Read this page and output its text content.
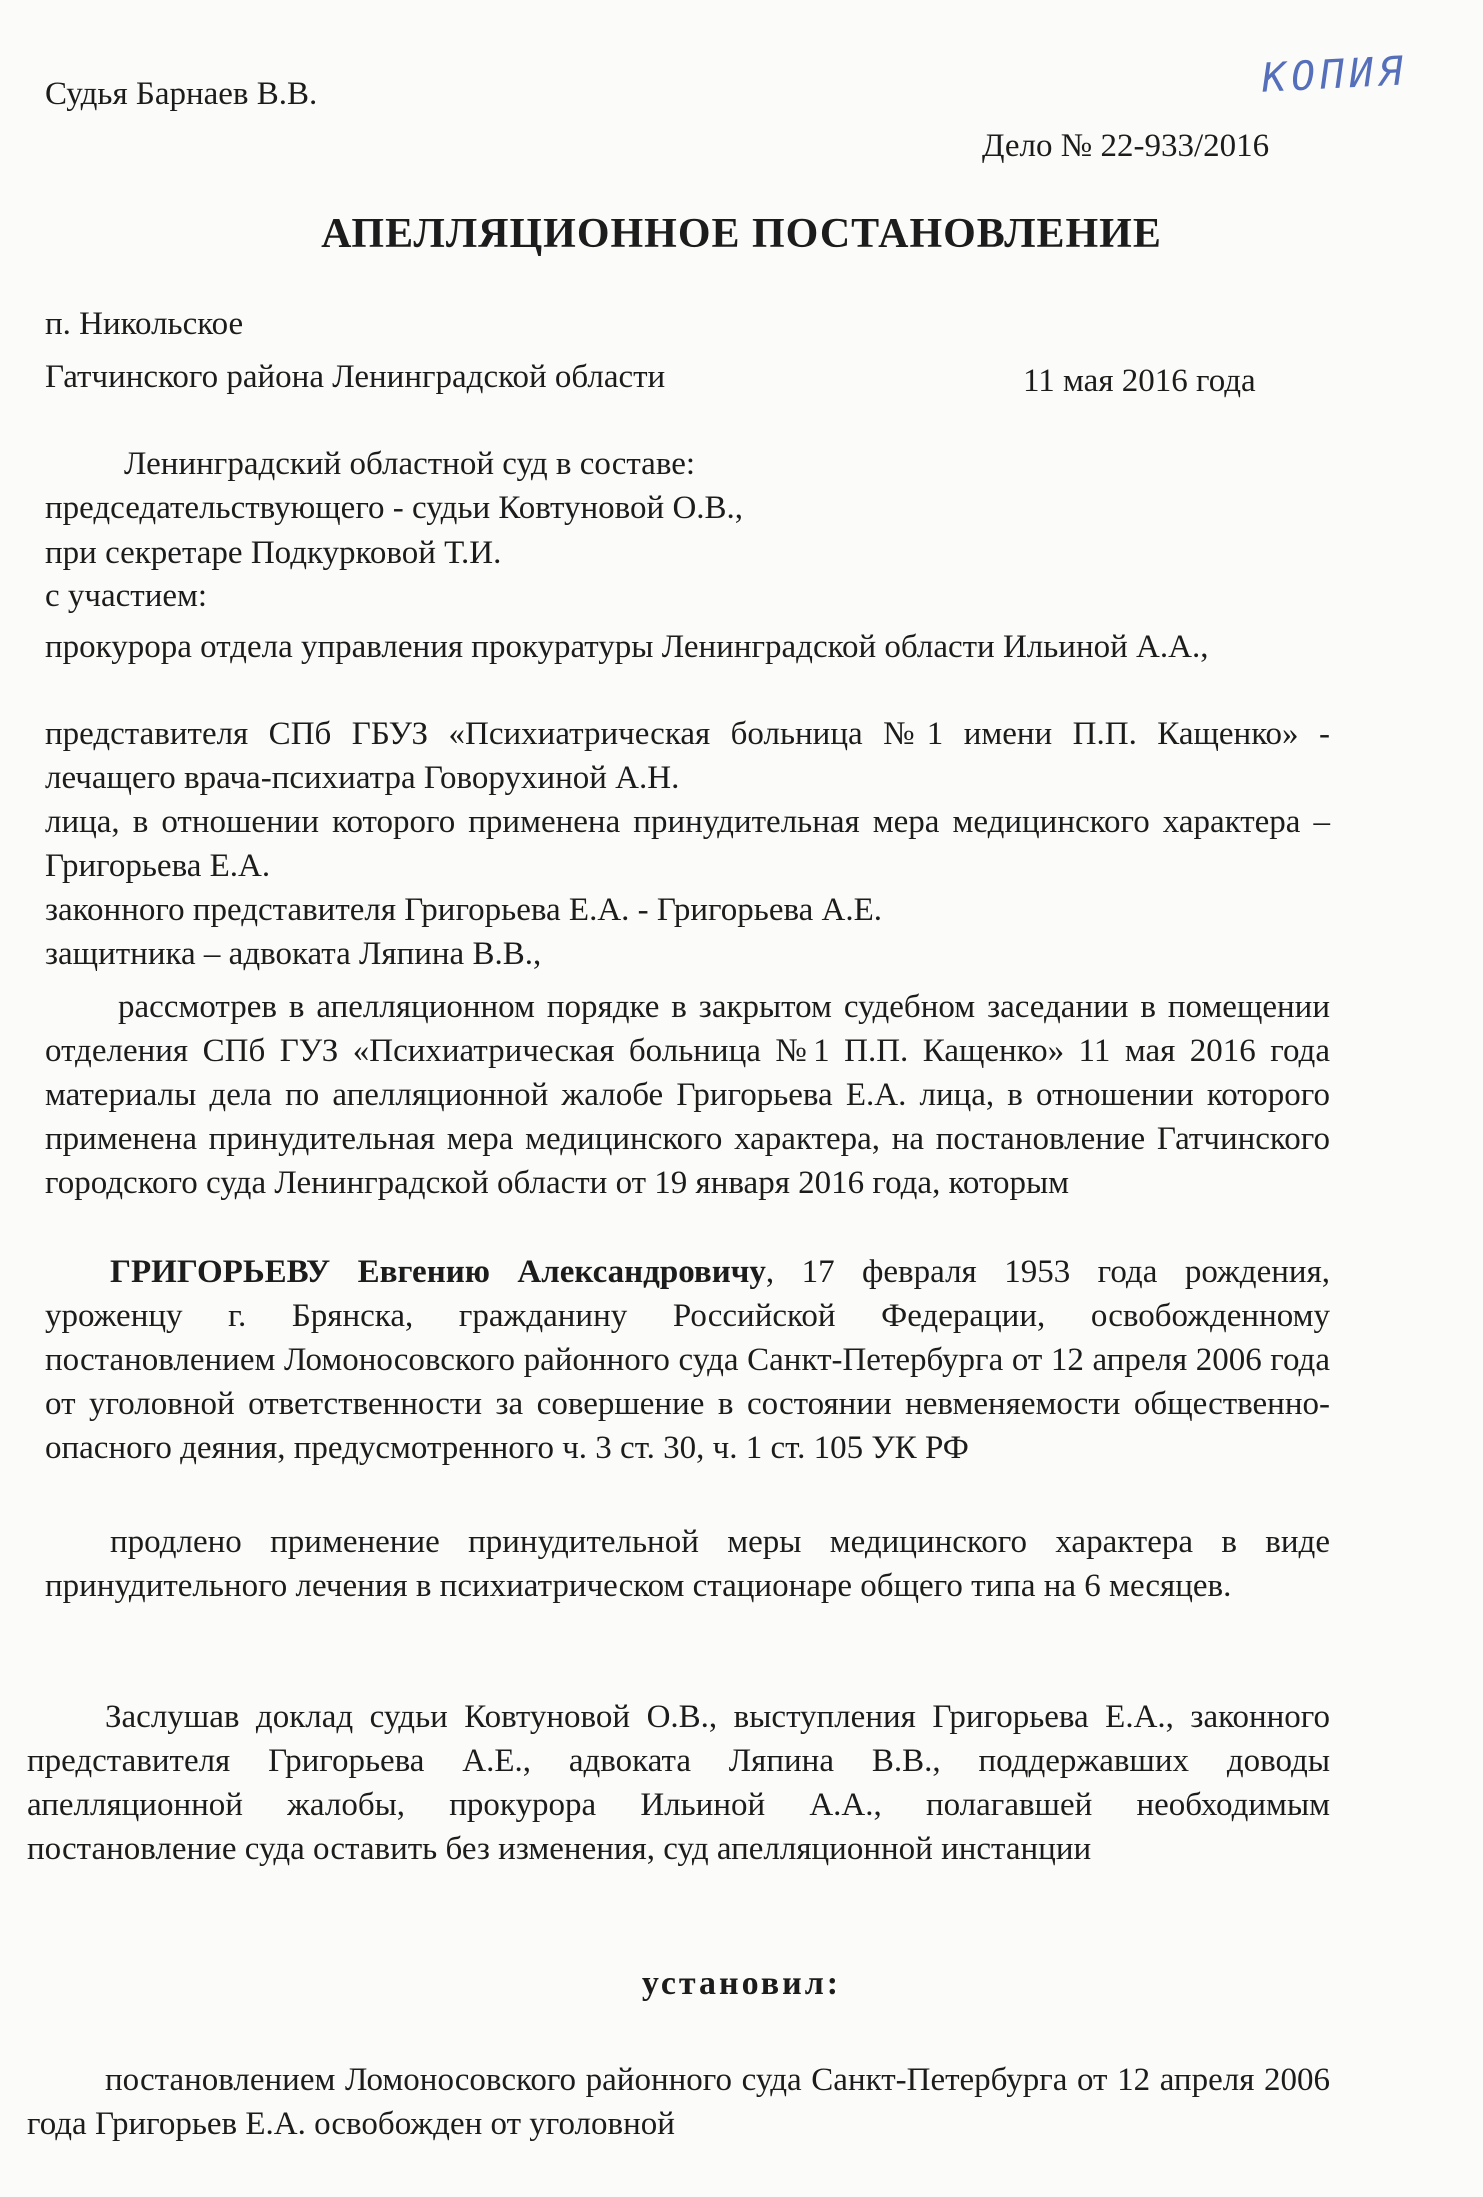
Судья Барнаев В.В.	КОПИЯ
Дело № 22-933/2016
АПЕЛЛЯЦИОННОЕ ПОСТАНОВЛЕНИЕ
п. Никольское
Гатчинского района Ленинградской области	11 мая 2016 года
Ленинградский областной суд в составе:
председательствующего - судьи Ковтуновой О.В.,
при секретаре Подкурковой Т.И.
с участием:
прокурора отдела управления прокуратуры Ленинградской области Ильиной А.А.,
представителя СПб ГБУЗ «Психиатрическая больница №1 имени П.П. Кащенко» - лечащего врача-психиатра Говорухиной А.Н.
лица, в отношении которого применена принудительная мера медицинского характера – Григорьева Е.А.
законного представителя Григорьева Е.А. - Григорьева А.Е.
защитника – адвоката Ляпина В.В.,
рассмотрев в апелляционном порядке в закрытом судебном заседании в помещении отделения СПб ГУЗ «Психиатрическая больница №1 П.П. Кащенко» 11 мая 2016 года материалы дела по апелляционной жалобе Григорьева Е.А. лица, в отношении которого применена принудительная мера медицинского характера, на постановление Гатчинского городского суда Ленинградской области от 19 января 2016 года, которым
ГРИГОРЬЕВУ Евгению Александровичу, 17 февраля 1953 года рождения, уроженцу г. Брянска, гражданину Российской Федерации, освобожденному постановлением Ломоносовского районного суда Санкт-Петербурга от 12 апреля 2006 года от уголовной ответственности за совершение в состоянии невменяемости общественно-опасного деяния, предусмотренного ч. 3 ст. 30, ч. 1 ст. 105 УК РФ
продлено применение принудительной меры медицинского характера в виде принудительного лечения в психиатрическом стационаре общего типа на 6 месяцев.
Заслушав доклад судьи Ковтуновой О.В., выступления Григорьева Е.А., законного представителя Григорьева А.Е., адвоката Ляпина В.В., поддержавших доводы апелляционной жалобы, прокурора Ильиной А.А., полагавшей необходимым постановление суда оставить без изменения, суд апелляционной инстанции
установил:
постановлением Ломоносовского районного суда Санкт-Петербурга от 12 апреля 2006 года Григорьев Е.А. освобожден от уголовной
